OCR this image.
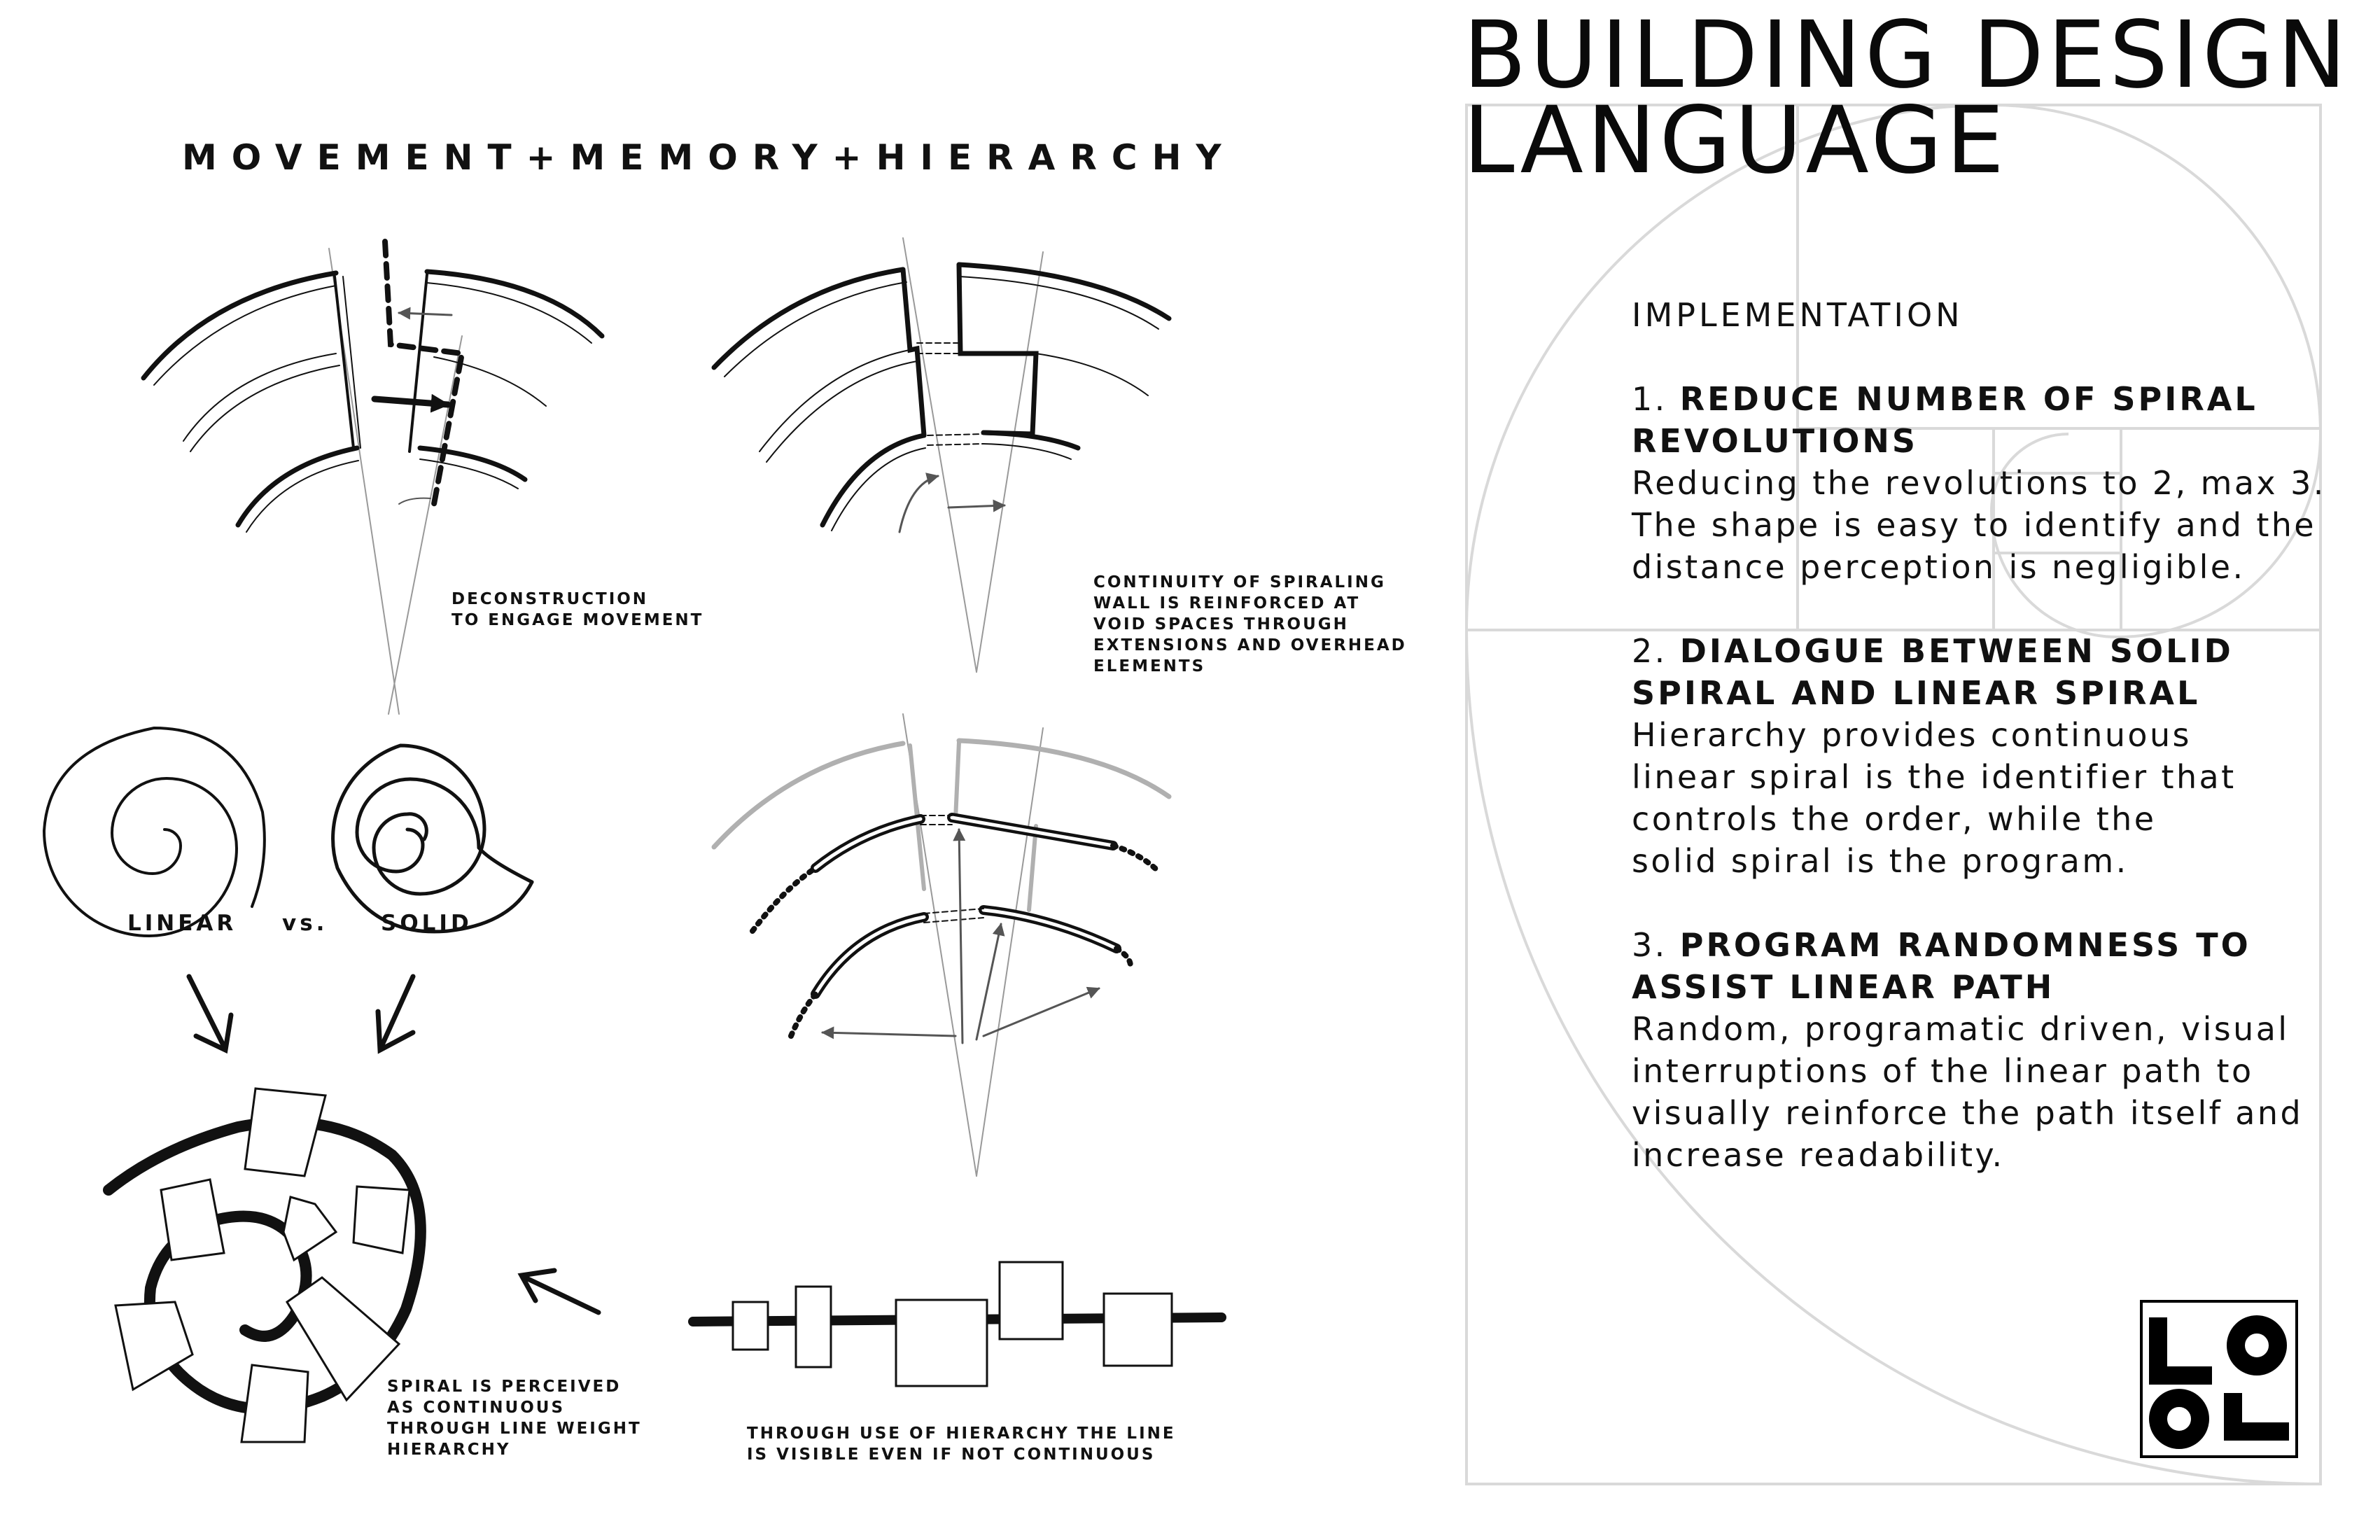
MOVEMENT+MEMORY+HIERARCHY
BUILDING DESIGN
LANGUAGE
DECONSTRUCTION
TO ENGAGE MOVEMENT
CONTINUITY OF SPIRALING
WALL IS REINFORCED AT
VOID SPACES THROUGH
EXTENSIONS AND OVERHEAD
ELEMENTS
SPIRAL IS PERCEIVED
AS CONTINUOUS
THROUGH LINE WEIGHT
HIERARCHY
THROUGH USE OF HIERARCHY THE LINE
IS VISIBLE EVEN IF NOT CONTINUOUS
LINEAR vs. SOLID
IMPLEMENTATION
1. REDUCE NUMBER OF SPIRAL REVOLUTIONS
Reducing the revolutions to 2, max 3.
The shape is easy to identify and the
distance perception is negligible.
2. DIALOGUE BETWEEN SOLID SPIRAL AND LINEAR SPIRAL
Hierarchy provides continuous
linear spiral is the identifier that
controls the order, while the
solid spiral is the program.
3. PROGRAM RANDOMNESS TO ASSIST LINEAR PATH
Random, programatic driven, visual
interruptions of the linear path to
visually reinforce the path itself and
increase readability.
